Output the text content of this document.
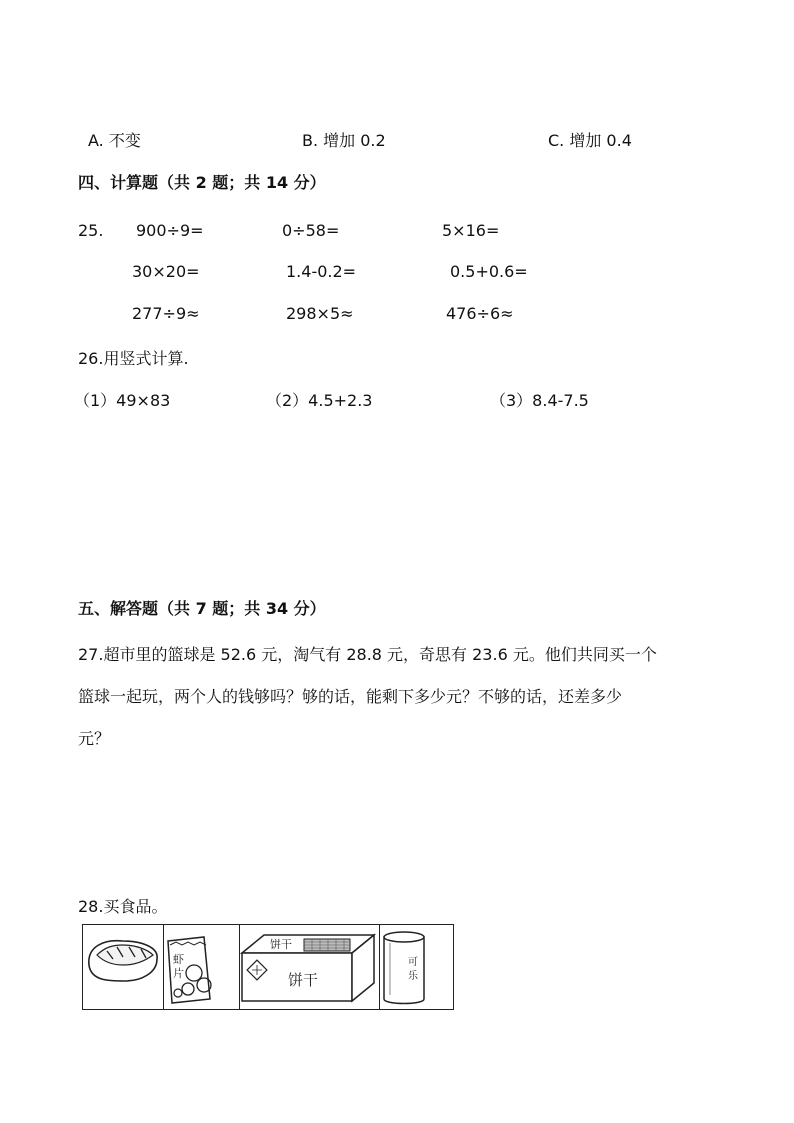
A. 不变	B. 增加 0.2	C. 增加 0.4
四、计算题（共 2 题；共 14 分）
25. 900÷9=	0÷58=	5×16=
30×20=	1.4-0.2=	0.5+0.6=
277÷9≈	298×5≈	476÷6≈
26.用竖式计算.
（1）49×83	（2）4.5+2.3	（3）8.4-7.5
五、解答题（共 7 题；共 34 分）
27.超市里的篮球是 52.6 元，淘气有 28.8 元，奇思有 23.6 元。他们共同买一个
篮球一起玩，两个人的钱够吗？够的话，能剩下多少元？不够的话，还差多少
元？
28.买食品。
虾
片
饼干
饼干
可
乐
